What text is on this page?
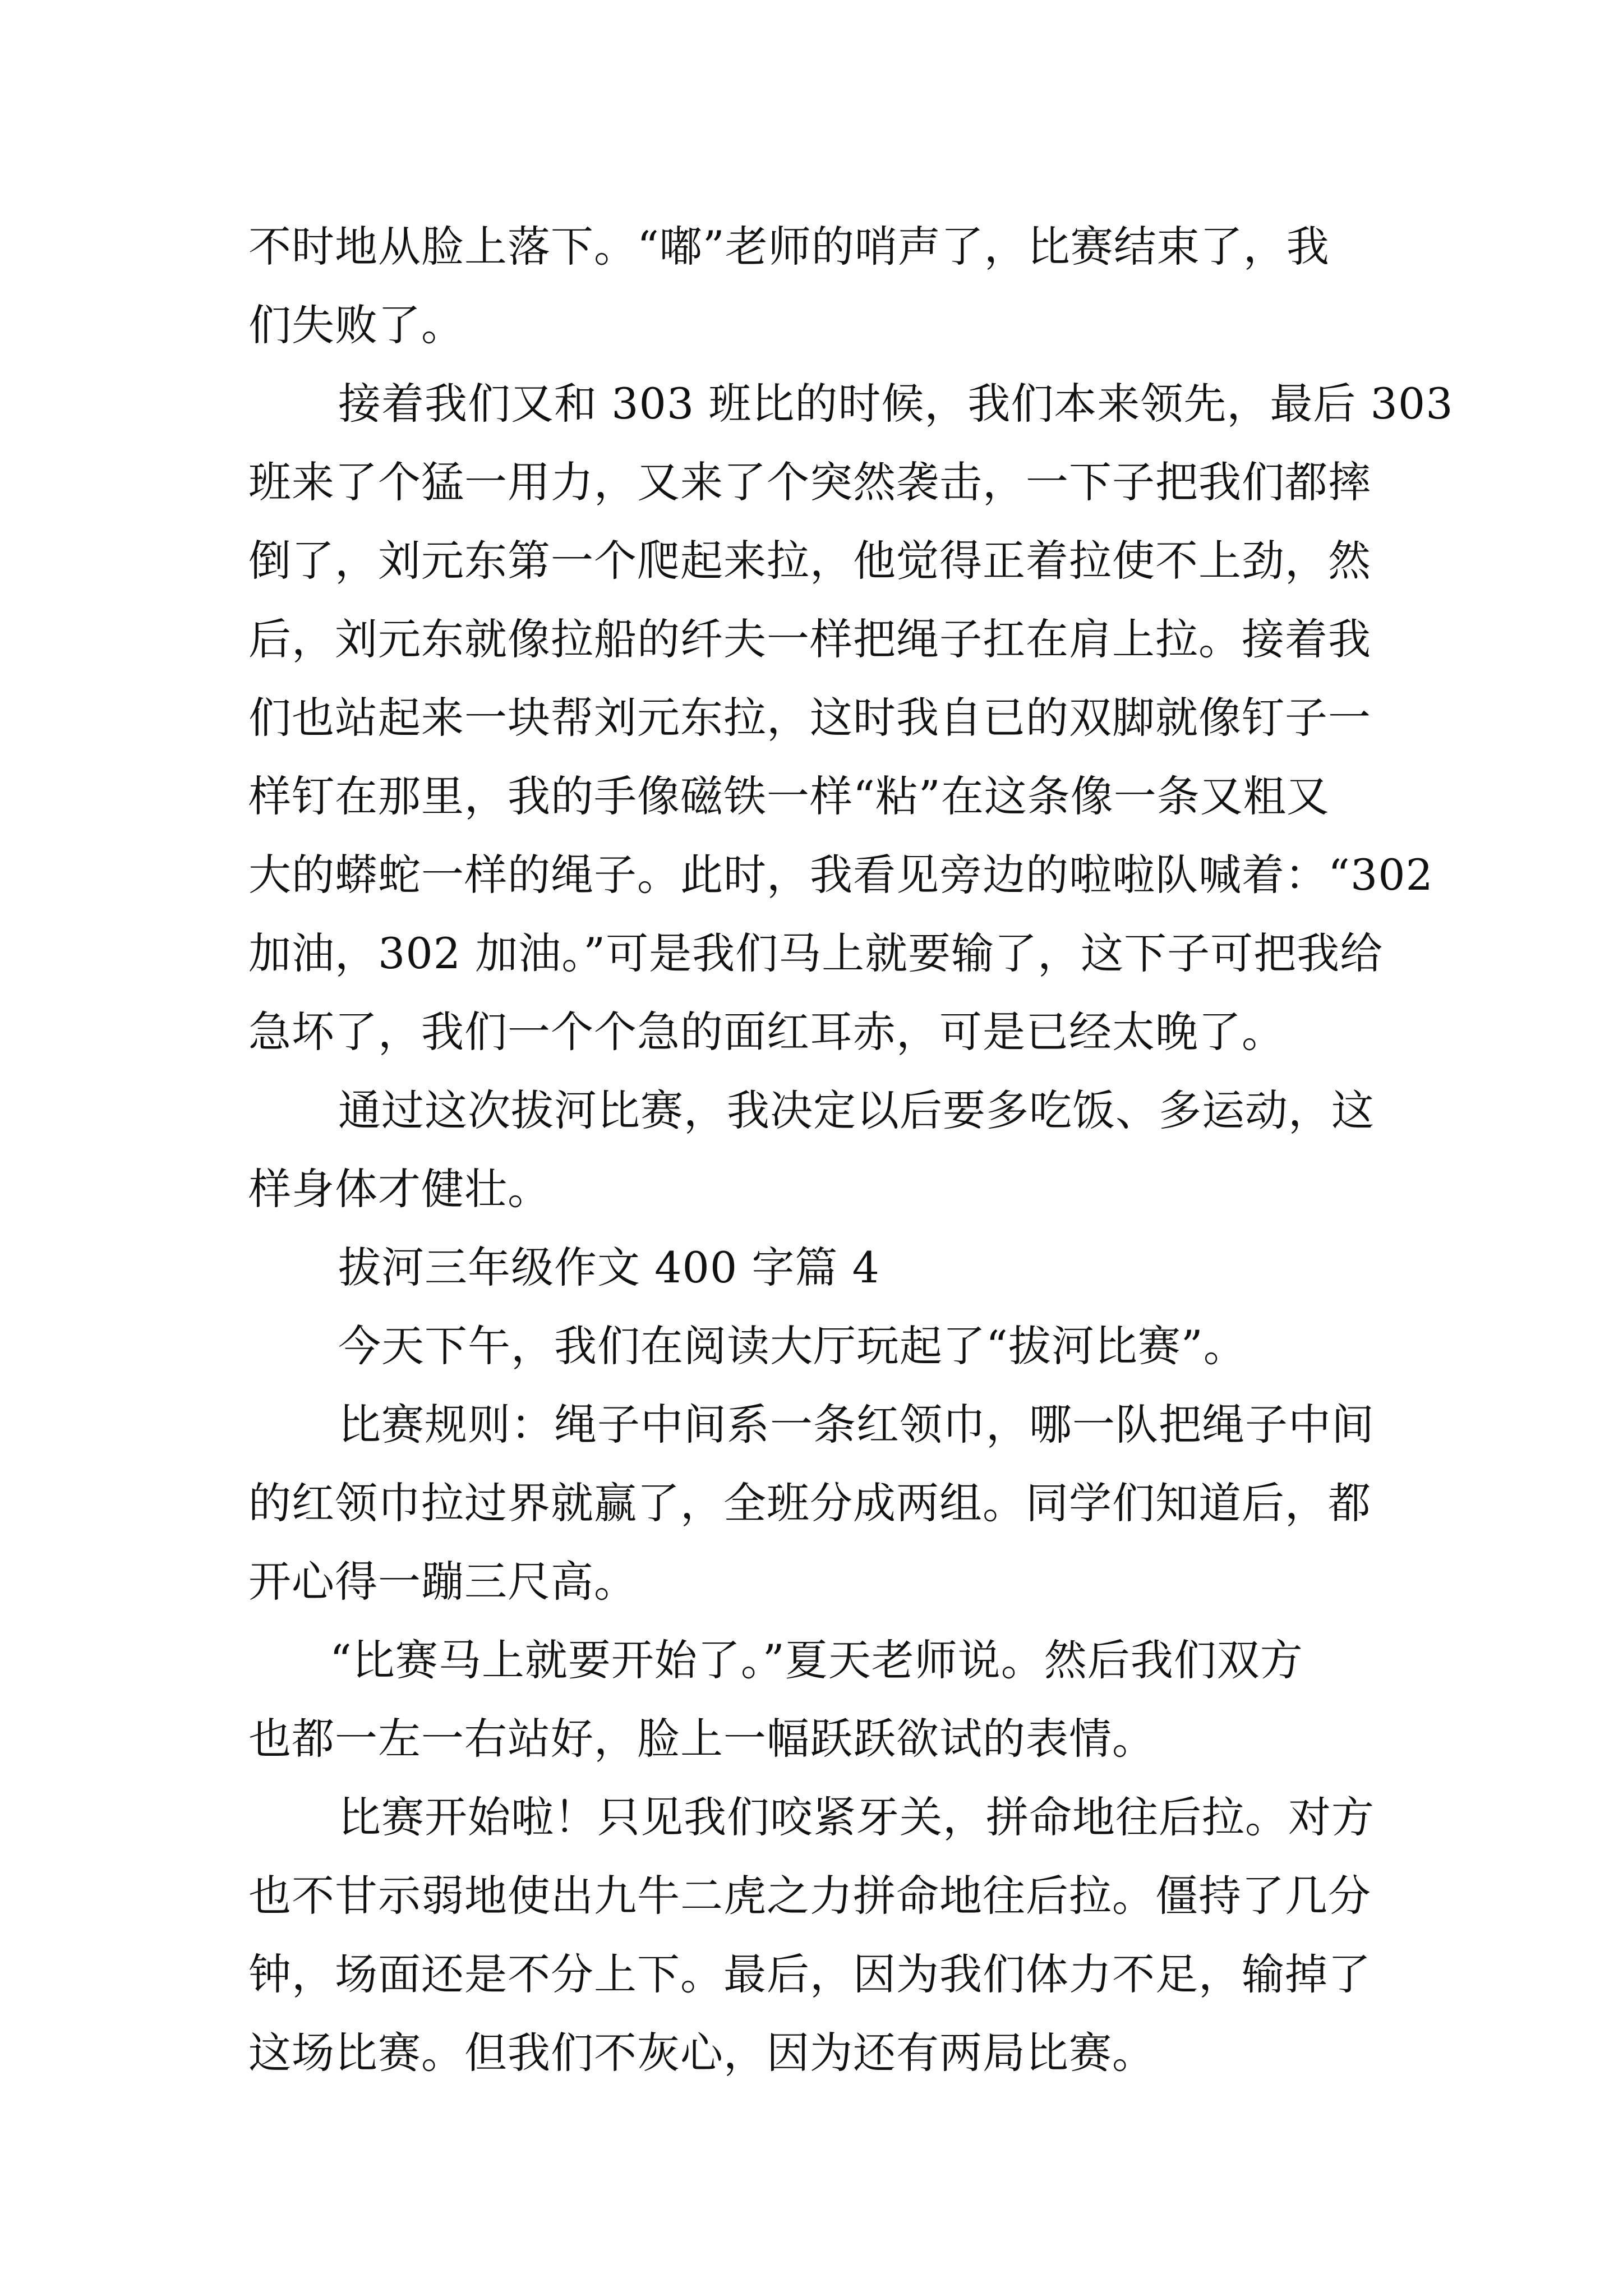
不时地从脸上落下。“嘟”老师的哨声了，比赛结束了，我

们失败了。

接着我们又和 303 班比的时候，我们本来领先，最后 303

班来了个猛一用力，又来了个突然袭击，一下子把我们都摔

倒了，刘元东第一个爬起来拉，他觉得正着拉使不上劲，然

后，刘元东就像拉船的纤夫一样把绳子扛在肩上拉。接着我

们也站起来一块帮刘元东拉，这时我自已的双脚就像钉子一

样钉在那里，我的手像磁铁一样“粘”在这条像一条又粗又

大的蟒蛇一样的绳子。此时，我看见旁边的啦啦队喊着：“302

加油，302 加油。”可是我们马上就要输了，这下子可把我给

急坏了，我们一个个急的面红耳赤，可是已经太晚了。

通过这次拔河比赛，我决定以后要多吃饭、多运动，这

样身体才健壮。

拔河三年级作文 400 字篇 4

今天下午，我们在阅读大厅玩起了“拔河比赛”。

比赛规则：绳子中间系一条红领巾，哪一队把绳子中间

的红领巾拉过界就赢了，全班分成两组。同学们知道后，都

开心得一蹦三尺高。

“比赛马上就要开始了。”夏天老师说。然后我们双方

也都一左一右站好，脸上一幅跃跃欲试的表情。

比赛开始啦！只见我们咬紧牙关，拼命地往后拉。对方

也不甘示弱地使出九牛二虎之力拼命地往后拉。僵持了几分

钟，场面还是不分上下。最后，因为我们体力不足，输掉了

这场比赛。但我们不灰心，因为还有两局比赛。
